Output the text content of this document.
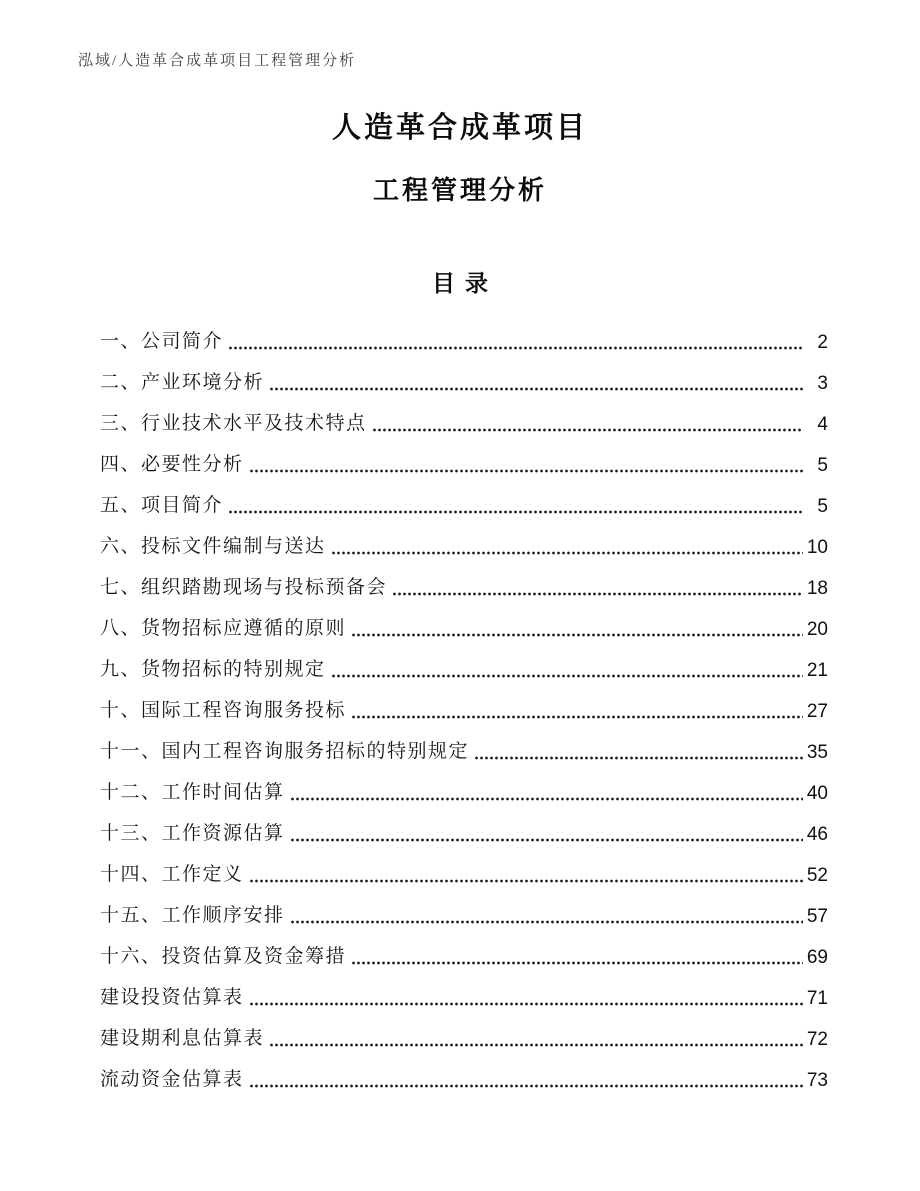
泓域/人造革合成革项目工程管理分析
人造革合成革项目
工程管理分析
目录
一、公司简介	2
二、产业环境分析	3
三、行业技术水平及技术特点	4
四、必要性分析	5
五、项目简介	5
六、投标文件编制与送达	10
七、组织踏勘现场与投标预备会	18
八、货物招标应遵循的原则	20
九、货物招标的特别规定	21
十、国际工程咨询服务投标	27
十一、国内工程咨询服务招标的特别规定	35
十二、工作时间估算	40
十三、工作资源估算	46
十四、工作定义	52
十五、工作顺序安排	57
十六、投资估算及资金筹措	69
建设投资估算表	71
建设期利息估算表	72
流动资金估算表	73
